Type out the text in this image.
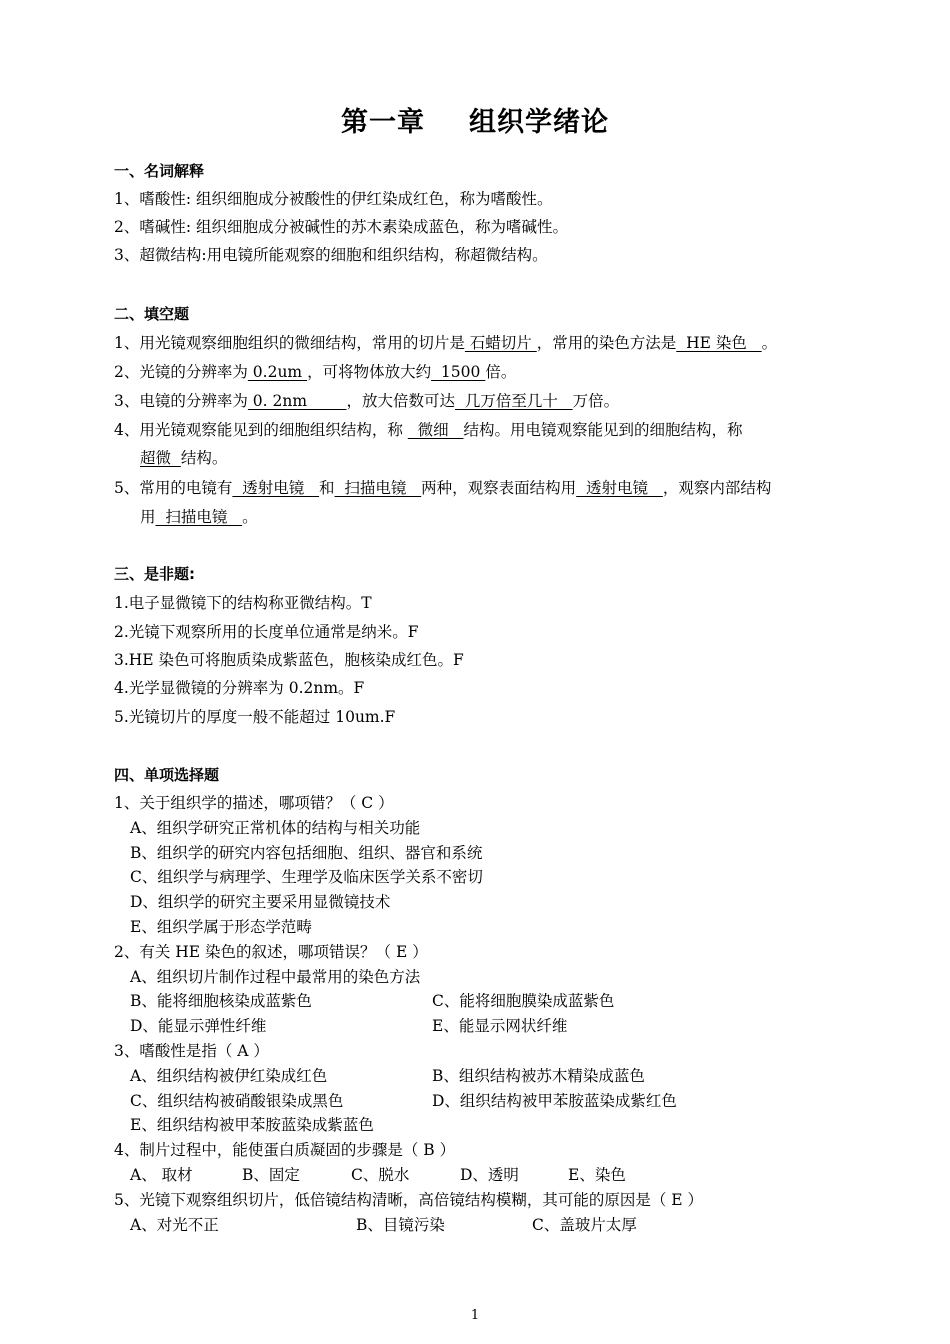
第一章 组织学绪论
一、名词解释
1、嗜酸性: 组织细胞成分被酸性的伊红染成红色，称为嗜酸性。
2、嗜碱性: 组织细胞成分被碱性的苏木素染成蓝色，称为嗜碱性。
3、超微结构:用电镜所能观察的细胞和组织结构，称超微结构。
二、填空题
1、用光镜观察细胞组织的微细结构，常用的切片是 石蜡切片 ，常用的染色方法是  HE 染色   。
2、光镜的分辨率为 0.2um ，可将物体放大约  1500 倍。
3、电镜的分辨率为 0. 2nm        ，放大倍数可达  几万倍至几十   万倍。
4、用光镜观察能见到的细胞组织结构，称   微细   结构。用电镜观察能见到的细胞结构，称
超微  结构。
5、常用的电镜有  透射电镜   和  扫描电镜   两种，观察表面结构用  透射电镜   ，观察内部结构
用  扫描电镜   。
三、是非题:
1.电子显微镜下的结构称亚微结构。T
2.光镜下观察所用的长度单位通常是纳米。F
3.HE 染色可将胞质染成紫蓝色，胞核染成红色。F
4.光学显微镜的分辨率为 0.2nm。F
5.光镜切片的厚度一般不能超过 10um.F
四、单项选择题
1、关于组织学的描述，哪项错？（ C ）
A、组织学研究正常机体的结构与相关功能
B、组织学的研究内容包括细胞、组织、器官和系统
C、组织学与病理学、生理学及临床医学关系不密切
D、组织学的研究主要采用显微镜技术
E、组织学属于形态学范畴
2、有关 HE 染色的叙述，哪项错误？（ E ）
A、组织切片制作过程中最常用的染色方法
B、能将细胞核染成蓝紫色	C、能将细胞膜染成蓝紫色
D、能显示弹性纤维	E、能显示网状纤维
3、嗜酸性是指（ A ）
A、组织结构被伊红染成红色	B、组织结构被苏木精染成蓝色
C、组织结构被硝酸银染成黑色	D、组织结构被甲苯胺蓝染成紫红色
E、组织结构被甲苯胺蓝染成紫蓝色
4、制片过程中，能使蛋白质凝固的步骤是（ B ）
A、 取材	B、固定	C、脱水	D、透明	E、染色
5、光镜下观察组织切片，低倍镜结构清晰，高倍镜结构模糊，其可能的原因是（ E ）
A、对光不正	B、目镜污染	C、盖玻片太厚
1
